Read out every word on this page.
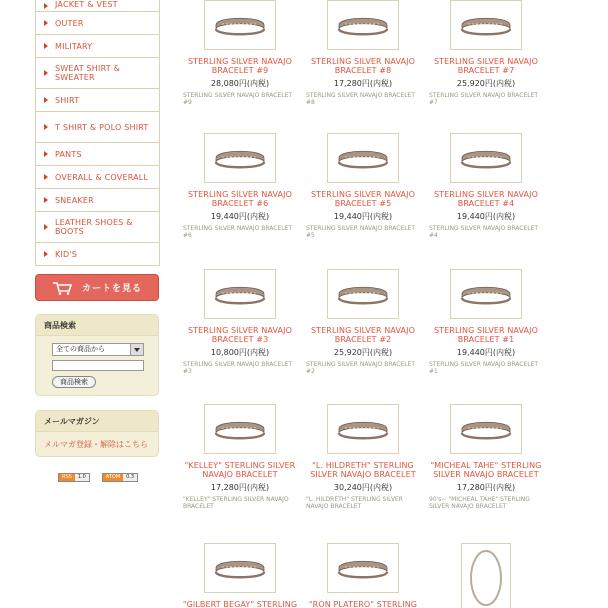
JACKET & VEST
OUTER
MILITARY
SWEAT SHIRT & SWEATER
SHIRT
T SHIRT & POLO SHIRT
PANTS
OVERALL & COVERALL
SNEAKER
LEATHER SHOES & BOOTS
KID'S
カートを見る
商品検索
全ての商品から
商品検索
メールマガジン
メルマガ登録・解除はこちら
RSS	1.0	ATOM	0.3
STERLING SILVER NAVAJO BRACELET #9
28,080円(内税)
STERLING SILVER NAVAJO BRACELET #9
STERLING SILVER NAVAJO BRACELET #8
17,280円(内税)
STERLING SILVER NAVAJO BRACELET #8
STERLING SILVER NAVAJO BRACELET #7
25,920円(内税)
STERLING SILVER NAVAJO BRACELET #7
STERLING SILVER NAVAJO BRACELET #6
19,440円(内税)
STERLING SILVER NAVAJO BRACELET #6
STERLING SILVER NAVAJO BRACELET #5
19,440円(内税)
STERLING SILVER NAVAJO BRACELET #5
STERLING SILVER NAVAJO BRACELET #4
19,440円(内税)
STERLING SILVER NAVAJO BRACELET #4
STERLING SILVER NAVAJO BRACELET #3
10,800円(内税)
STERLING SILVER NAVAJO BRACELET #3
STERLING SILVER NAVAJO BRACELET #2
25,920円(内税)
STERLING SILVER NAVAJO BRACELET #2
STERLING SILVER NAVAJO BRACELET #1
19,440円(内税)
STERLING SILVER NAVAJO BRACELET #1
"KELLEY" STERLING SILVER NAVAJO BRACELET
17,280円(内税)
"KELLEY" STERLING SILVER NAVAJO BRACELET
"L. HILDRETH" STERLING SILVER NAVAJO BRACELET
30,240円(内税)
"L. HILDRETH" STERLING SILVER NAVAJO BRACELET
"MICHEAL TAHE" STERLING SILVER NAVAJO BRACELET
17,280円(内税)
90's~ "MICHEAL TAHE" STERLING SILVER NAVAJO BRACELET
"GILBERT BEGAY" STERLING	"RON PLATERO" STERLING
